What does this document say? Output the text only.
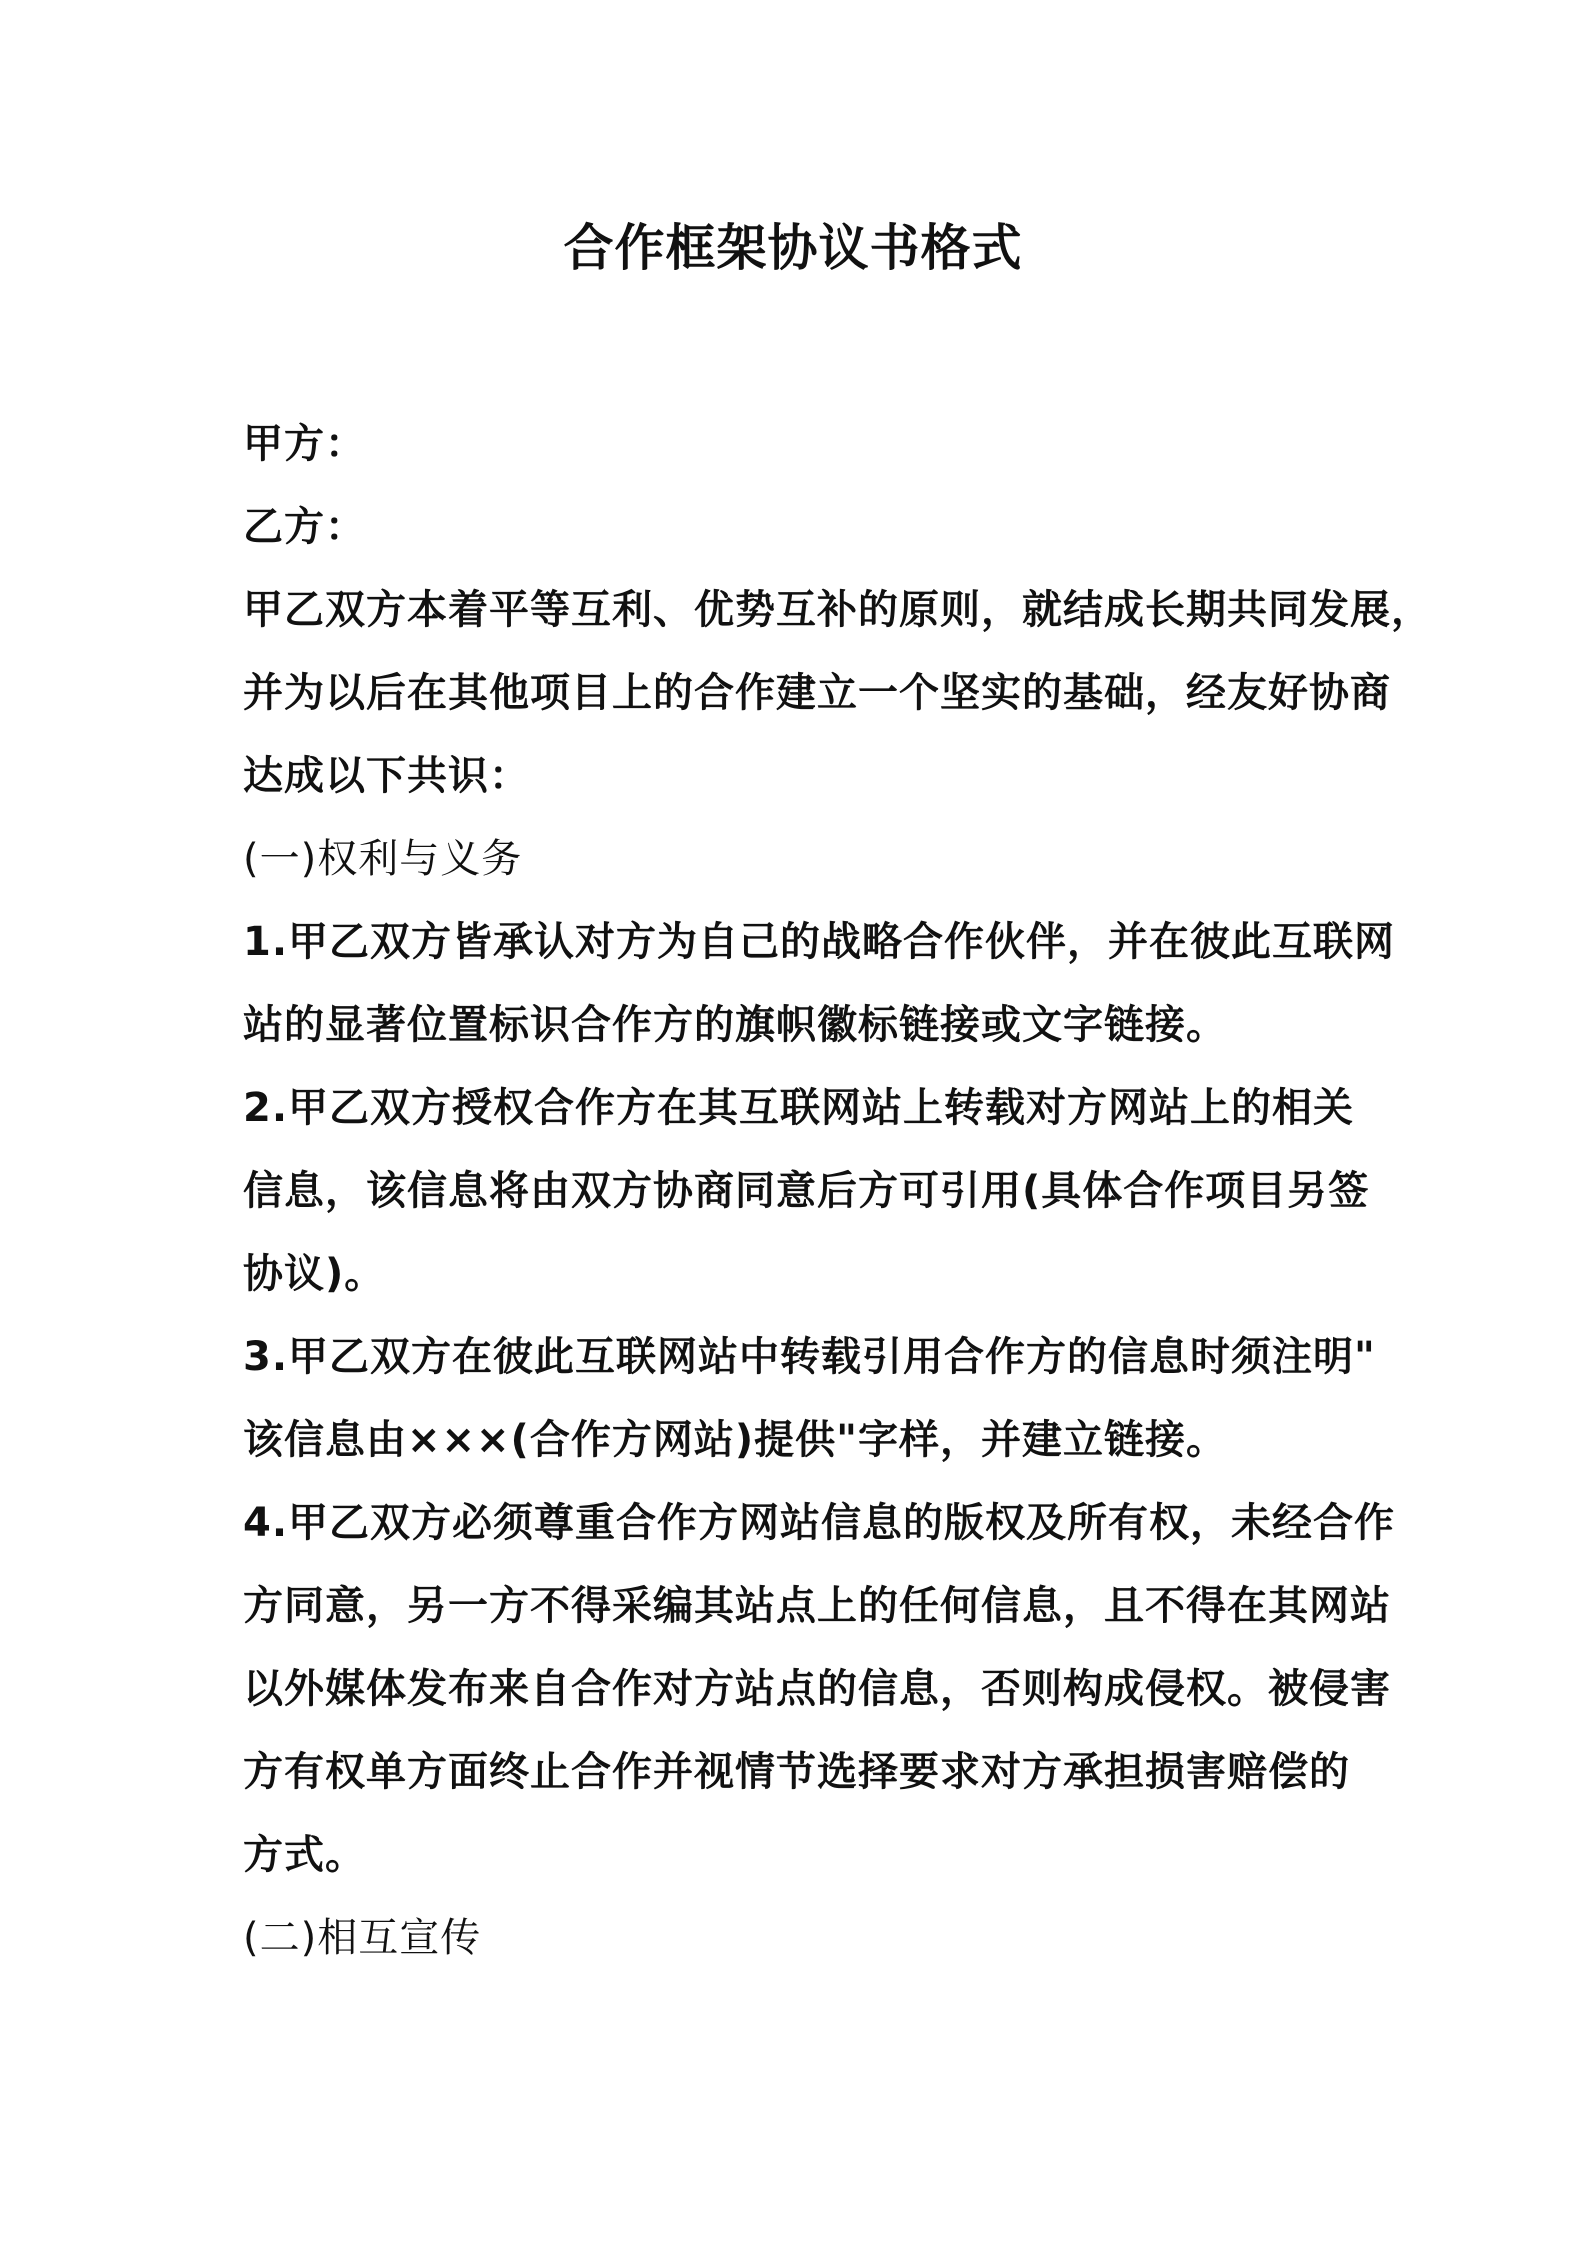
合作框架协议书格式

甲方：

乙方：

甲乙双方本着平等互利、优势互补的原则，就结成长期共同发展，

并为以后在其他项目上的合作建立一个坚实的基础，经友好协商

达成以下共识：

(一)权利与义务

1.甲乙双方皆承认对方为自己的战略合作伙伴，并在彼此互联网

站的显著位置标识合作方的旗帜徽标链接或文字链接。

2.甲乙双方授权合作方在其互联网站上转载对方网站上的相关

信息，该信息将由双方协商同意后方可引用(具体合作项目另签

协议)。

3.甲乙双方在彼此互联网站中转载引用合作方的信息时须注明"

该信息由×××(合作方网站)提供"字样，并建立链接。

4.甲乙双方必须尊重合作方网站信息的版权及所有权，未经合作

方同意，另一方不得采编其站点上的任何信息，且不得在其网站

以外媒体发布来自合作对方站点的信息，否则构成侵权。被侵害

方有权单方面终止合作并视情节选择要求对方承担损害赔偿的

方式。

(二)相互宣传
